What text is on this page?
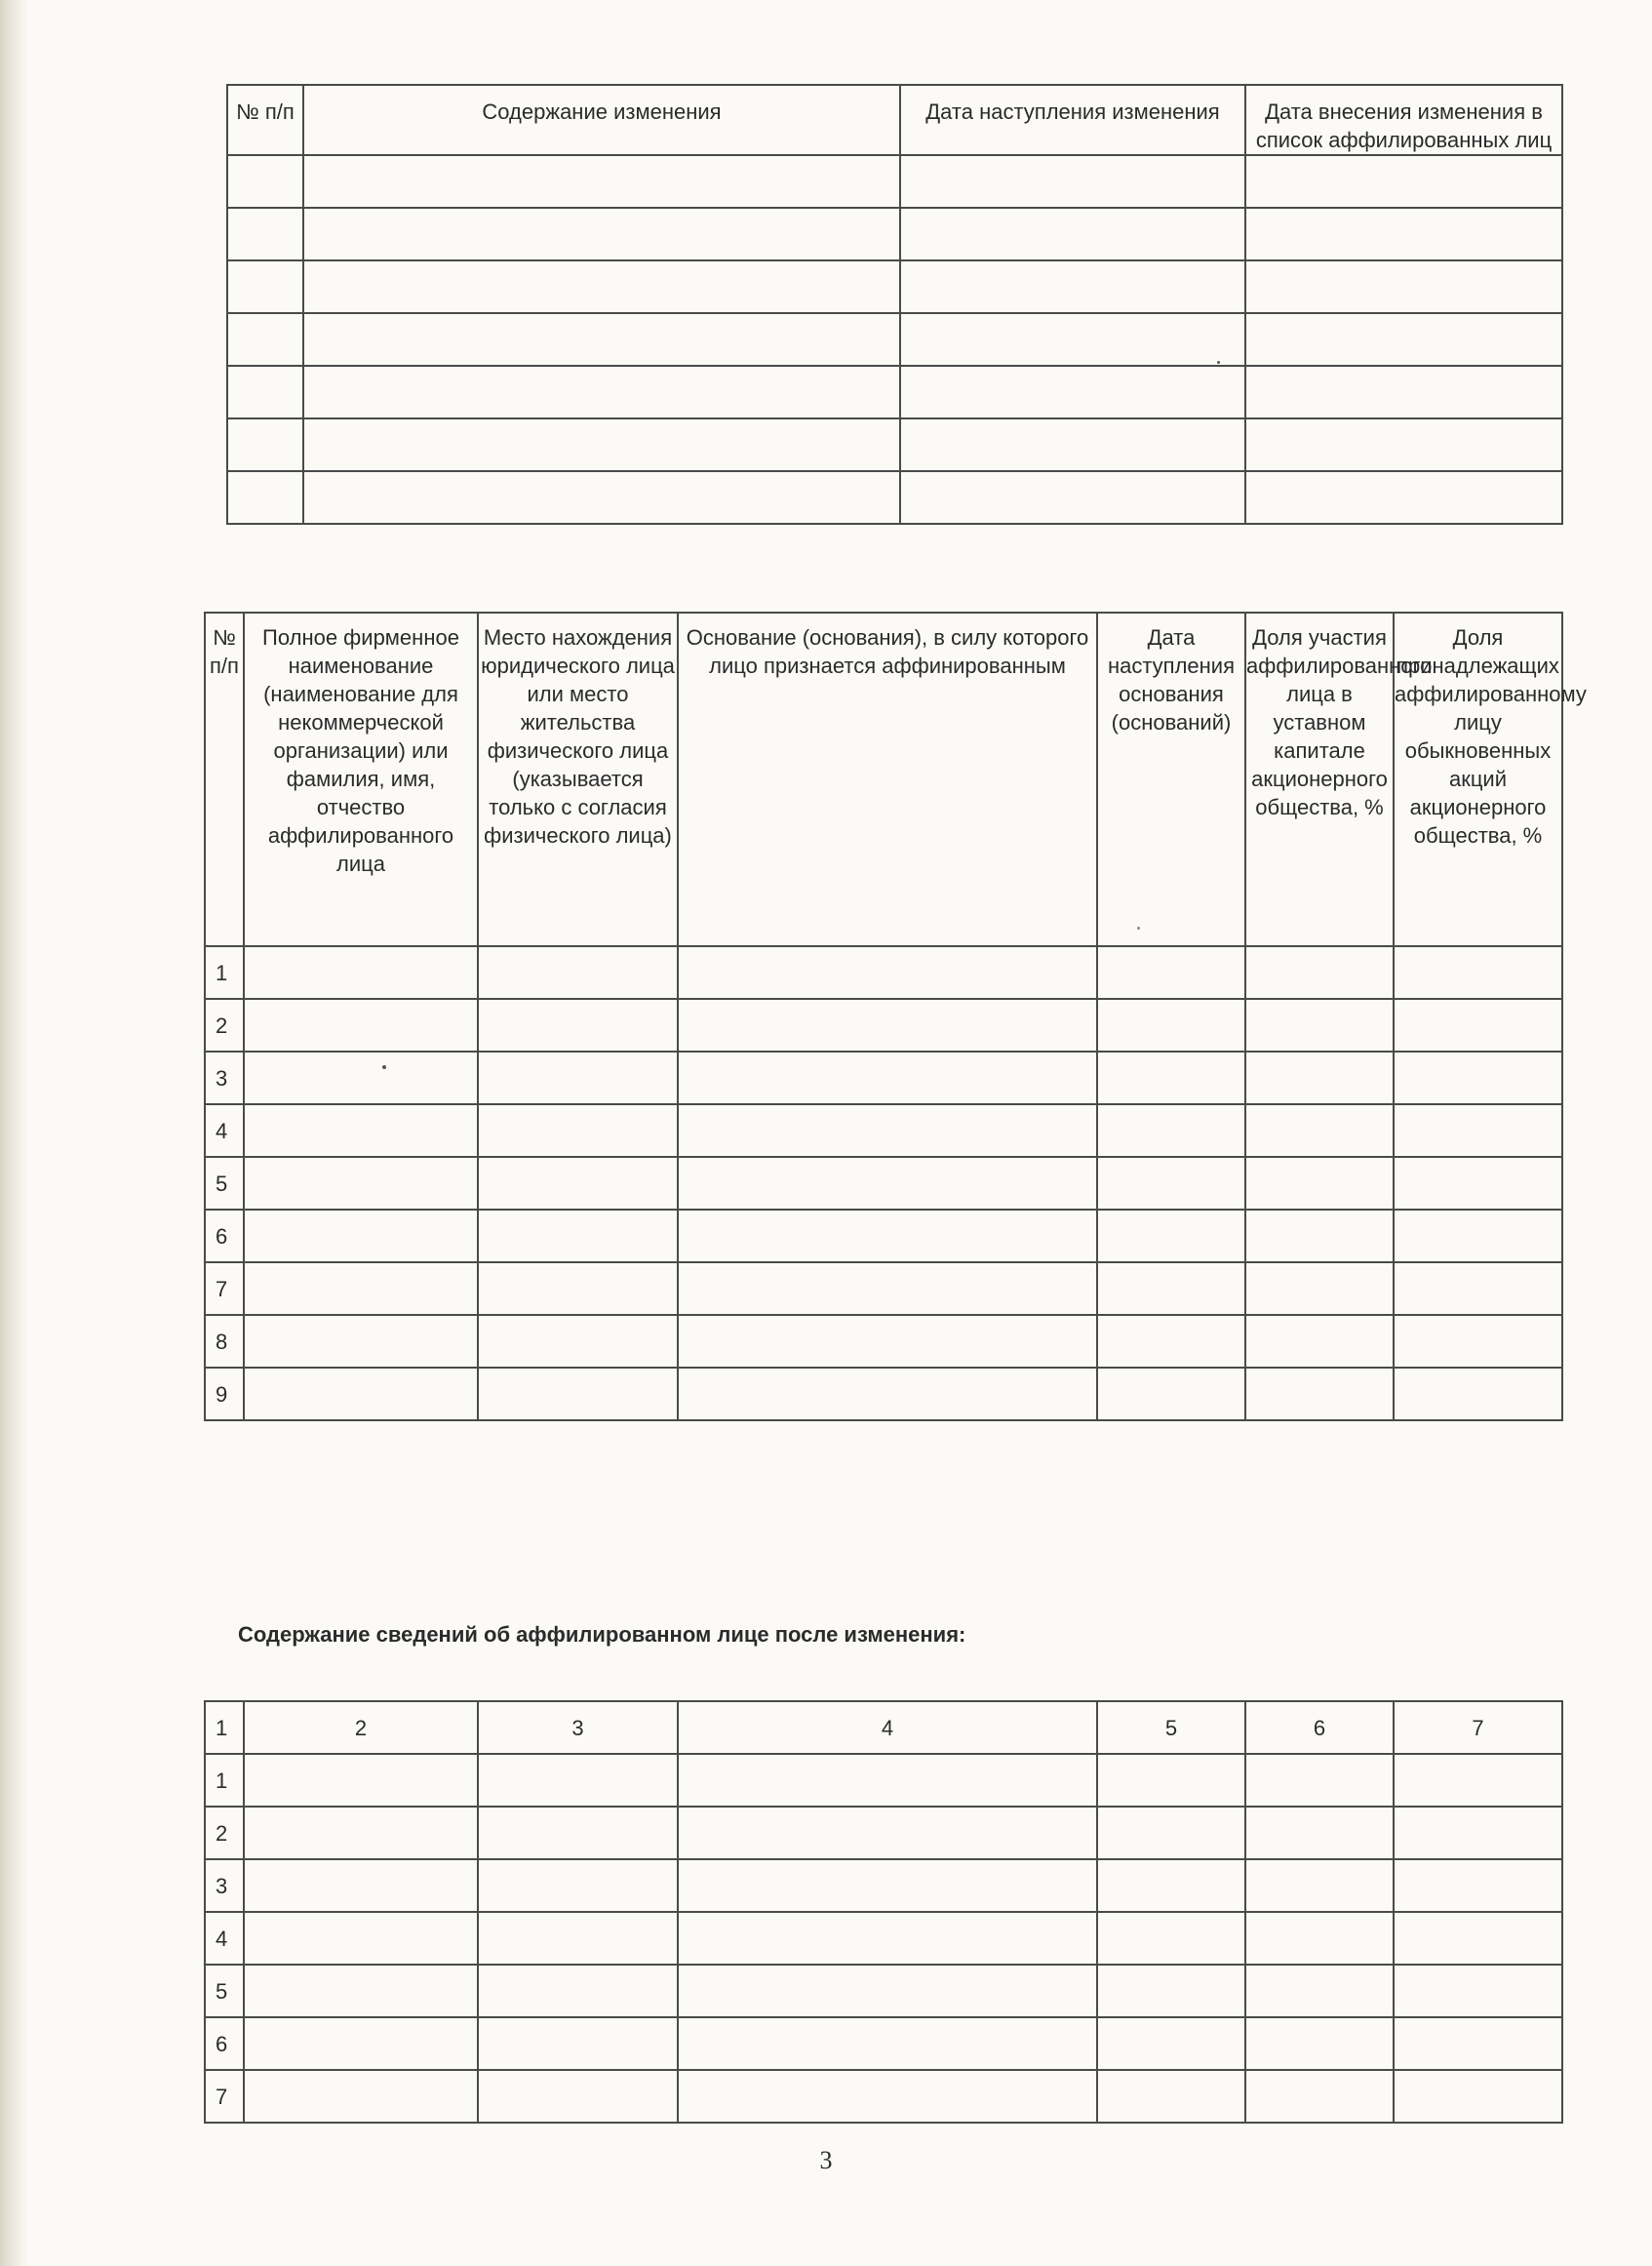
№ п/п	Содержание изменения	Дата наступления изменения	Дата внесения изменения в список аффилированных лиц

№ п/п	Полное фирменное наименование (наименование для некоммерческой организации) или фамилия, имя, отчество аффилированного лица	Место нахождения юридического лица или место жительства физического лица (указывается только с согласия физического лица)	Основание (основания), в силу которого лицо признается аффинированным	Дата наступления основания (оснований)	Доля участия аффилированного лица в уставном капитале акционерного общества, %	Доля принадлежащих аффилированному лицу обыкновенных акций акционерного общества, %
1						
2						
3						
4						
5						
6						
7						
8						
9						
Содержание сведений об аффилированном лице после изменения:
1	2	3	4	5	6	7
1						
2						
3						
4						
5						
6						
7						
3
